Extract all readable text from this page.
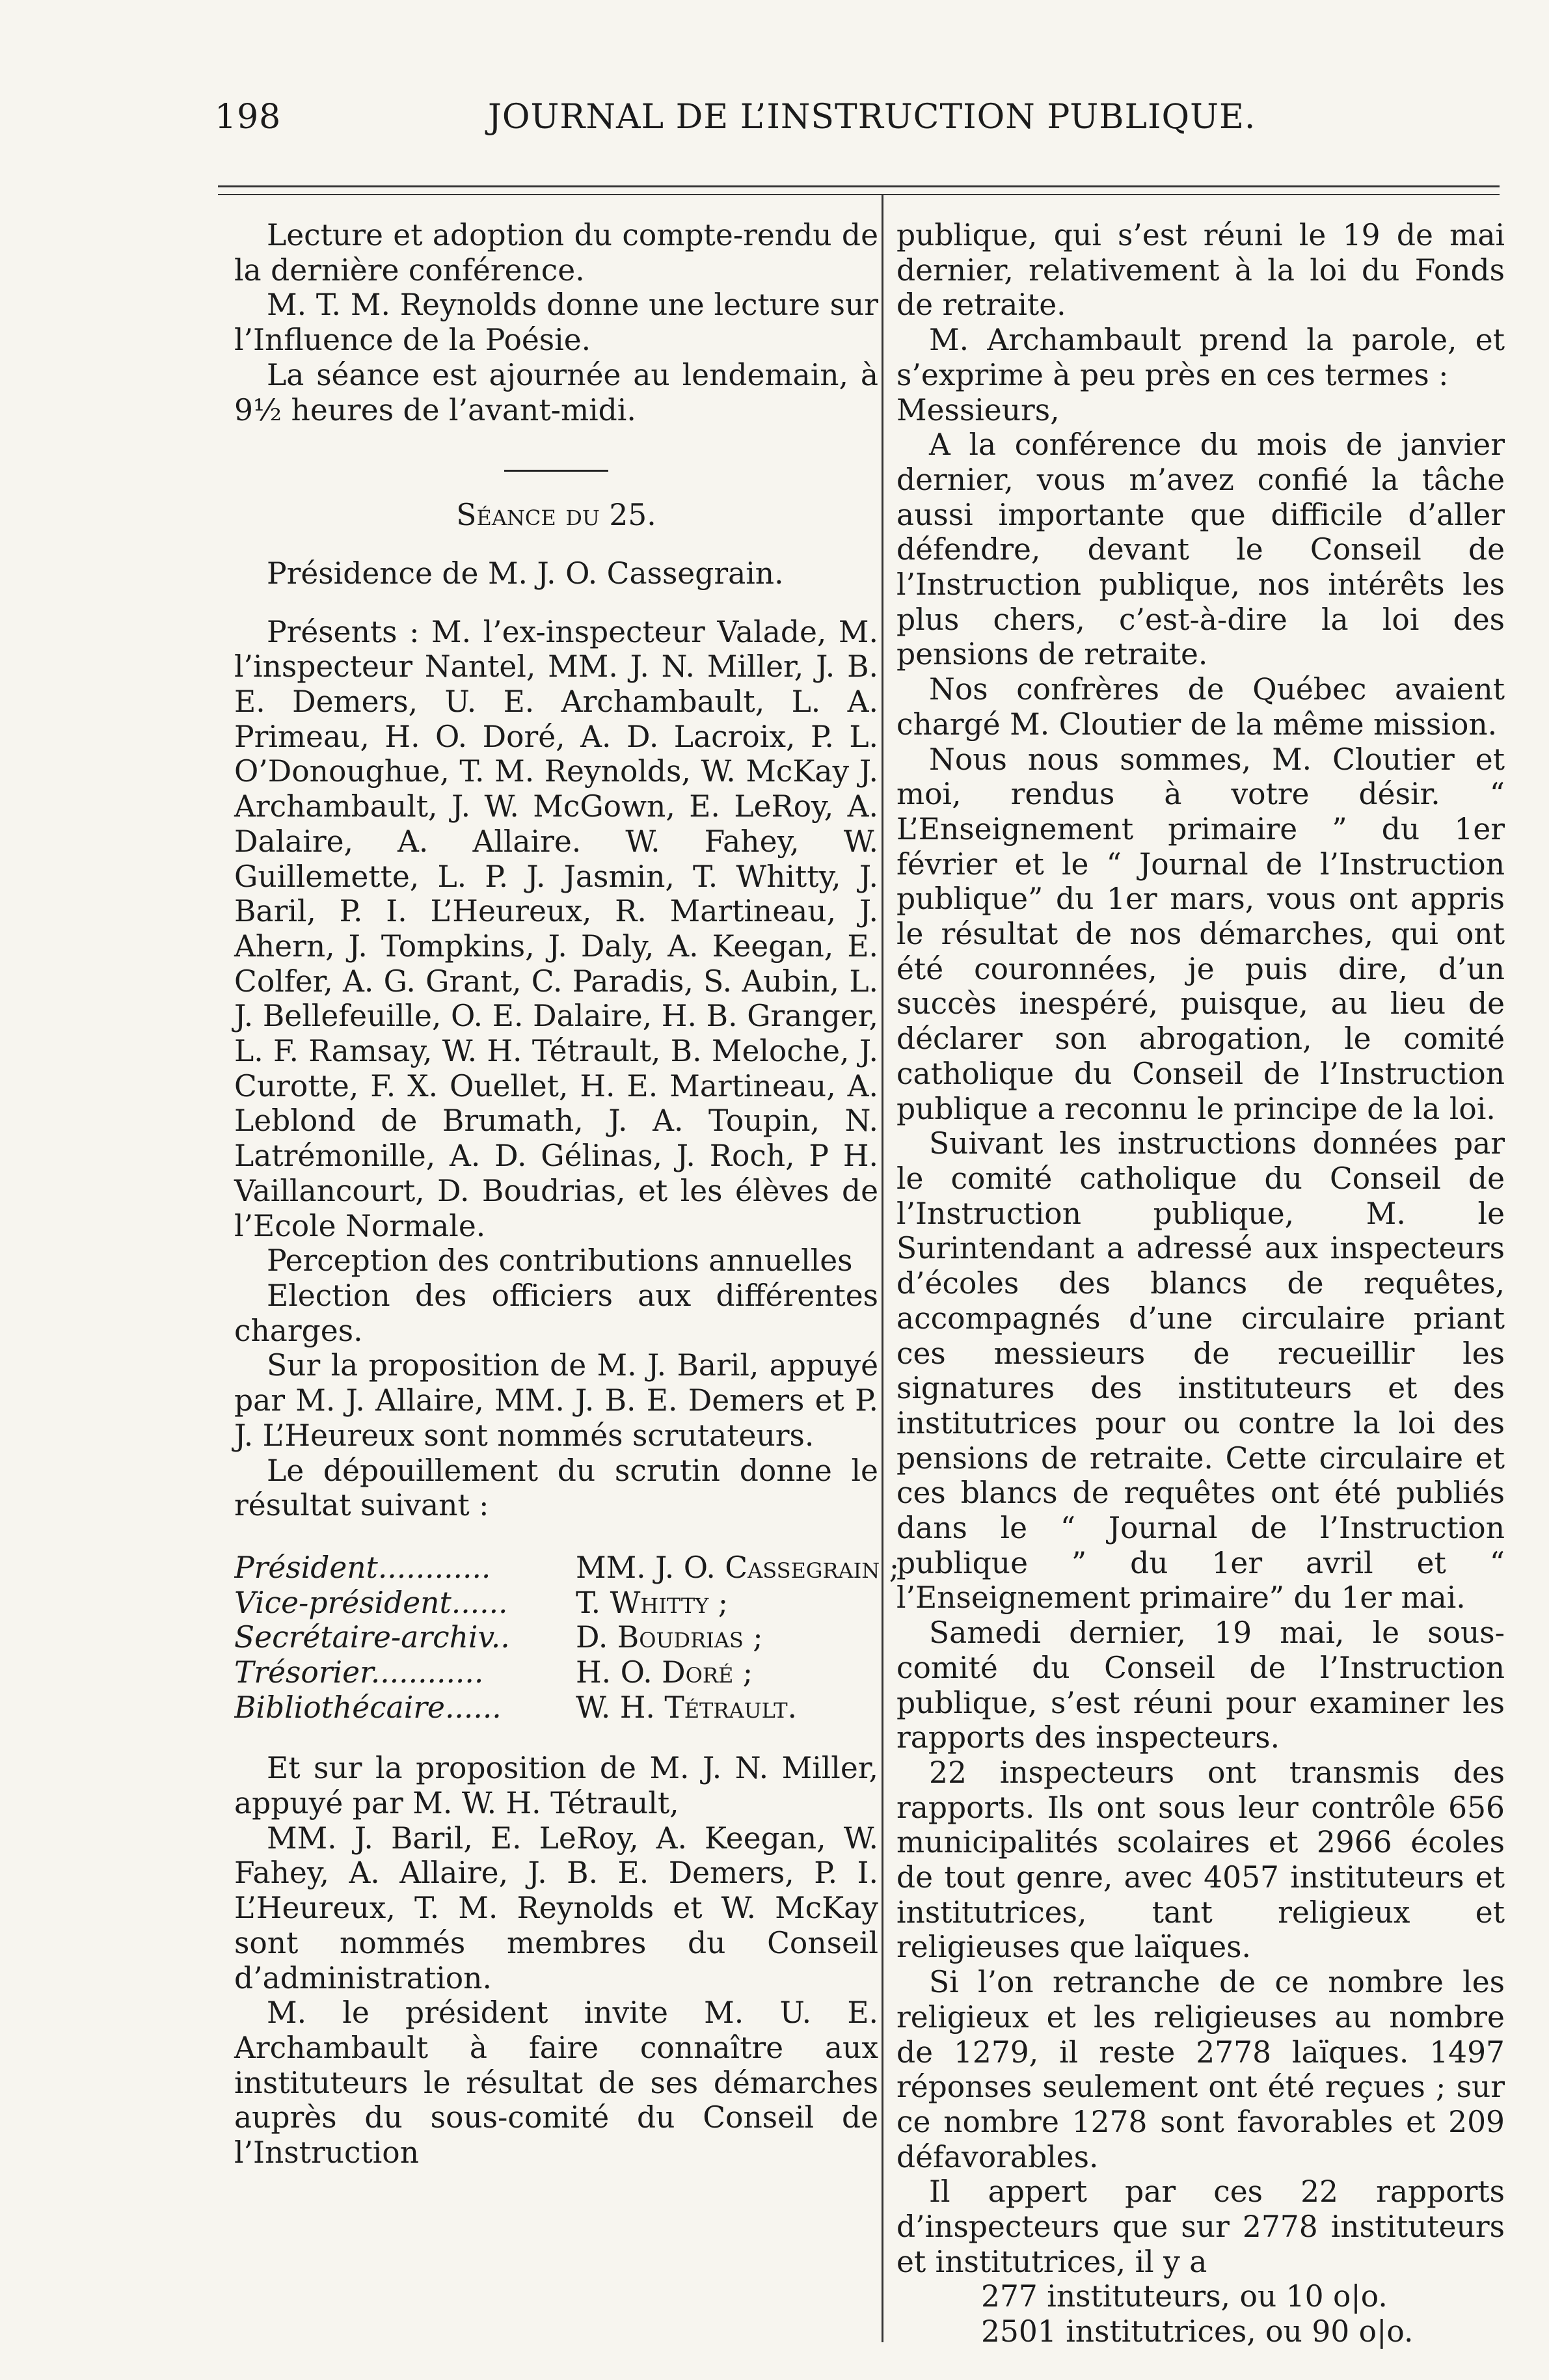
198	JOURNAL DE L’INSTRUCTION PUBLIQUE.

Lecture et adoption du compte-rendu de la dernière conférence.

M. T. M. Reynolds donne une lecture sur l’Influence de la Poésie.

La séance est ajournée au lendemain, à 9½ heures de l’avant-midi.

Séance du 25.

Présidence de M. J. O. Cassegrain.

Présents : M. l’ex-inspecteur Valade, M. l’inspecteur Nantel, MM. J. N. Miller, J. B. E. Demers, U. E. Archambault, L. A. Primeau, H. O. Doré, A. D. Lacroix, P. L. O’Donoughue, T. M. Reynolds, W. McKay J. Archambault, J. W. McGown, E. LeRoy, A. Dalaire, A. Allaire. W. Fahey, W. Guillemette, L. P. J. Jasmin, T. Whitty, J. Baril, P. I. L’Heureux, R. Martineau, J. Ahern, J. Tompkins, J. Daly, A. Keegan, E. Colfer, A. G. Grant, C. Paradis, S. Aubin, L. J. Bellefeuille, O. E. Dalaire, H. B. Granger, L. F. Ramsay, W. H. Tétrault, B. Meloche, J. Curotte, F. X. Ouellet, H. E. Martineau, A. Leblond de Brumath, J. A. Toupin, N. Latrémonille, A. D. Gélinas, J. Roch, P H. Vaillancourt, D. Boudrias, et les élèves de l’Ecole Normale.

Perception des contributions annuelles

Election des officiers aux différentes charges.

Sur la proposition de M. J. Baril, appuyé par M. J. Allaire, MM. J. B. E. Demers et P. J. L’Heureux sont nommés scrutateurs.

Le dépouillement du scrutin donne le résultat suivant :

Président............	MM. J. O. Cassegrain ;
Vice-président......	T. Whitty ;
Secrétaire-archiv..	D. Boudrias ;
Trésorier............	H. O. Doré ;
Bibliothécaire......	W. H. Tétrault.

Et sur la proposition de M. J. N. Miller, appuyé par M. W. H. Tétrault,

MM. J. Baril, E. LeRoy, A. Keegan, W. Fahey, A. Allaire, J. B. E. Demers, P. I. L’Heureux, T. M. Reynolds et W. McKay sont nommés membres du Conseil d’administration.

M. le président invite M. U. E. Archambault à faire connaître aux instituteurs le résultat de ses démarches auprès du sous-comité du Conseil de l’Instruction

publique, qui s’est réuni le 19 de mai dernier, relativement à la loi du Fonds de retraite.

M. Archambault prend la parole, et s’exprime à peu près en ces termes :

Messieurs,

A la conférence du mois de janvier dernier, vous m’avez confié la tâche aussi importante que difficile d’aller défendre, devant le Conseil de l’Instruction publique, nos intérêts les plus chers, c’est-à-dire la loi des pensions de retraite.

Nos confrères de Québec avaient chargé M. Cloutier de la même mission.

Nous nous sommes, M. Cloutier et moi, rendus à votre désir. “ L’Enseignement primaire ” du 1er février et le “ Journal de l’Instruction publique” du 1er mars, vous ont appris le résultat de nos démarches, qui ont été couronnées, je puis dire, d’un succès inespéré, puisque, au lieu de déclarer son abrogation, le comité catholique du Conseil de l’Instruction publique a reconnu le principe de la loi.

Suivant les instructions données par le comité catholique du Conseil de l’Instruction publique, M. le Surintendant a adressé aux inspecteurs d’écoles des blancs de requêtes, accompagnés d’une circulaire priant ces messieurs de recueillir les signatures des instituteurs et des institutrices pour ou contre la loi des pensions de retraite. Cette circulaire et ces blancs de requêtes ont été publiés dans le “ Journal de l’Instruction publique ” du 1er avril et “ l’Enseignement primaire” du 1er mai.

Samedi dernier, 19 mai, le sous-comité du Conseil de l’Instruction publique, s’est réuni pour examiner les rapports des inspecteurs.

22 inspecteurs ont transmis des rapports. Ils ont sous leur contrôle 656 municipalités scolaires et 2966 écoles de tout genre, avec 4057 instituteurs et institutrices, tant religieux et religieuses que laïques.

Si l’on retranche de ce nombre les religieux et les religieuses au nombre de 1279, il reste 2778 laïques. 1497 réponses seulement ont été reçues ; sur ce nombre 1278 sont favorables et 209 défavorables.

Il appert par ces 22 rapports d’inspecteurs que sur 2778 instituteurs et institutrices, il y a

277 instituteurs, ou 10 o|o.

2501 institutrices, ou 90 o|o.
